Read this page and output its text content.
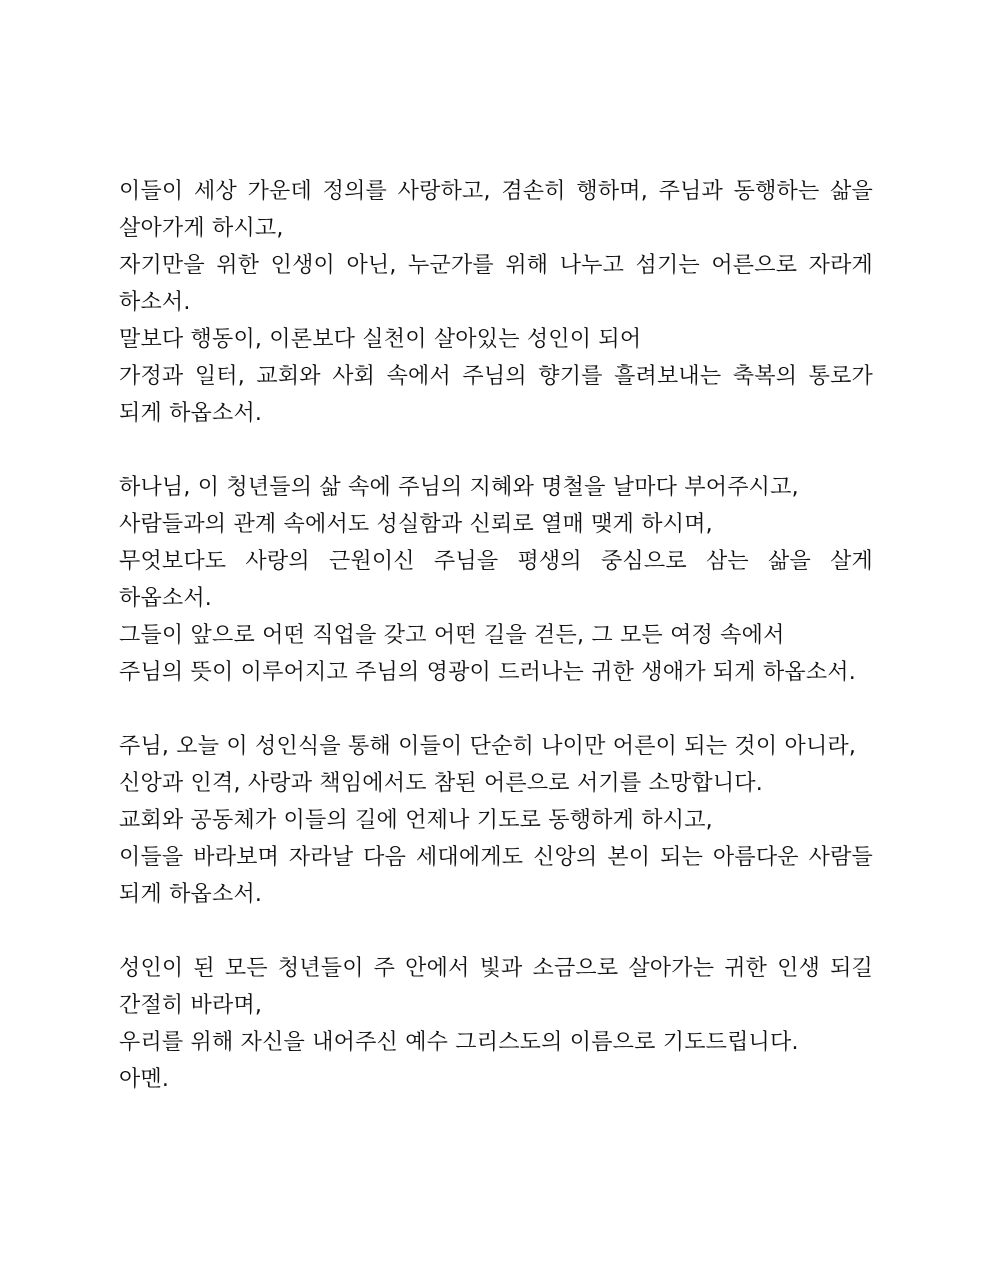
이들이 세상 가운데 정의를 사랑하고, 겸손히 행하며, 주님과 동행하는 삶을 살아가게 하시고,
자기만을 위한 인생이 아닌, 누군가를 위해 나누고 섬기는 어른으로 자라게 하소서.
말보다 행동이, 이론보다 실천이 살아있는 성인이 되어
가정과 일터, 교회와 사회 속에서 주님의 향기를 흘려보내는 축복의 통로가 되게 하옵소서.
하나님, 이 청년들의 삶 속에 주님의 지혜와 명철을 날마다 부어주시고,
사람들과의 관계 속에서도 성실함과 신뢰로 열매 맺게 하시며,
무엇보다도 사랑의 근원이신 주님을 평생의 중심으로 삼는 삶을 살게 하옵소서.
그들이 앞으로 어떤 직업을 갖고 어떤 길을 걷든, 그 모든 여정 속에서
주님의 뜻이 이루어지고 주님의 영광이 드러나는 귀한 생애가 되게 하옵소서.
주님, 오늘 이 성인식을 통해 이들이 단순히 나이만 어른이 되는 것이 아니라,
신앙과 인격, 사랑과 책임에서도 참된 어른으로 서기를 소망합니다.
교회와 공동체가 이들의 길에 언제나 기도로 동행하게 하시고,
이들을 바라보며 자라날 다음 세대에게도 신앙의 본이 되는 아름다운 사람들 되게 하옵소서.
성인이 된 모든 청년들이 주 안에서 빛과 소금으로 살아가는 귀한 인생 되길 간절히 바라며,
우리를 위해 자신을 내어주신 예수 그리스도의 이름으로 기도드립니다.
아멘.
